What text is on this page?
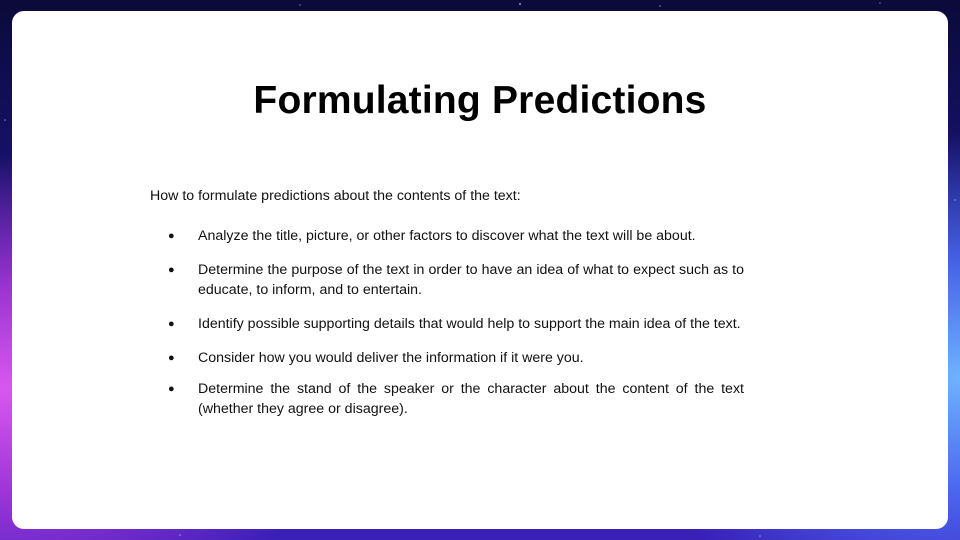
Formulating Predictions

How to formulate predictions about the contents of the text:

● Analyze the title, picture, or other factors to discover what the text will be about.
● Determine the purpose of the text in order to have an idea of what to expect such as to educate, to inform, and to entertain.
● Identify possible supporting details that would help to support the main idea of the text.
● Consider how you would deliver the information if it were you.
● Determine the stand of the speaker or the character about the content of the text (whether they agree or disagree).
